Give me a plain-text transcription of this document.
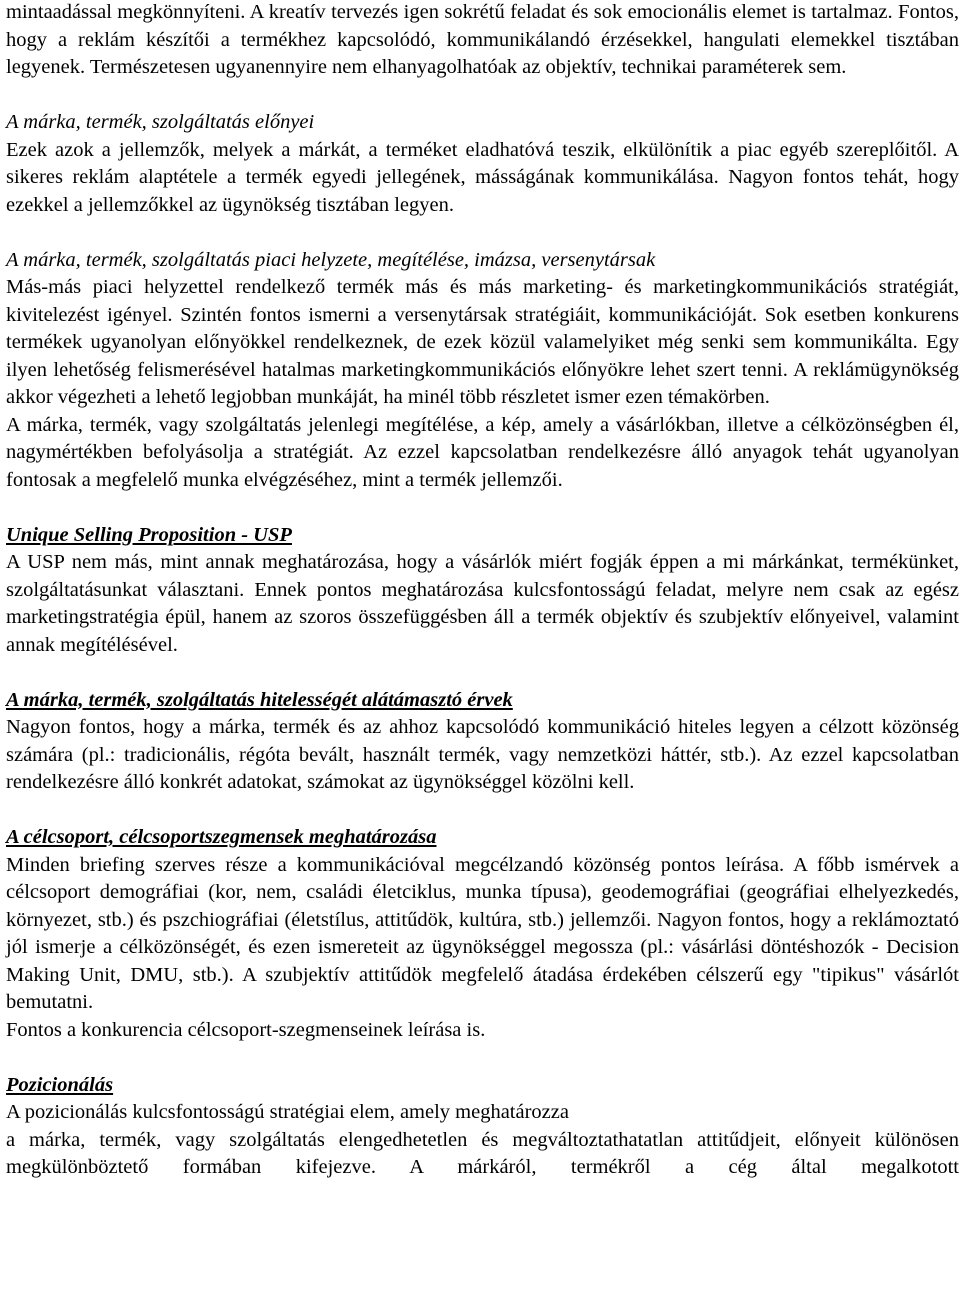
mintaadással megkönnyíteni. A kreatív tervezés igen sokrétű feladat és sok emocionális elemet is tartalmaz. Fontos, hogy a reklám készítői a termékhez kapcsolódó, kommunikálandó érzésekkel, hangulati elemekkel tisztában legyenek. Természetesen ugyanennyire nem elhanyagolhatóak az objektív, technikai paraméterek sem.

A márka, termék, szolgáltatás előnyei

Ezek azok a jellemzők, melyek a márkát, a terméket eladhatóvá teszik, elkülönítik a piac egyéb szereplőitől. A sikeres reklám alaptétele a termék egyedi jellegének, másságának kommunikálása. Nagyon fontos tehát, hogy ezekkel a jellemzőkkel az ügynökség tisztában legyen.

A márka, termék, szolgáltatás piaci helyzete, megítélése, imázsa, versenytársak

Más-más piaci helyzettel rendelkező termék más és más marketing- és marketingkommunikációs stratégiát, kivitelezést igényel. Szintén fontos ismerni a versenytársak stratégiáit, kommunikációját. Sok esetben konkurens termékek ugyanolyan előnyökkel rendelkeznek, de ezek közül valamelyiket még senki sem kommunikálta. Egy ilyen lehetőség felismerésével hatalmas marketingkommunikációs előnyökre lehet szert tenni. A reklámügynökség akkor végezheti a lehető legjobban munkáját, ha minél több részletet ismer ezen témakörben.

A márka, termék, vagy szolgáltatás jelenlegi megítélése, a kép, amely a vásárlókban, illetve a célközönségben él, nagymértékben befolyásolja a stratégiát. Az ezzel kapcsolatban rendelkezésre álló anyagok tehát ugyanolyan fontosak a megfelelő munka elvégzéséhez, mint a termék jellemzői.

Unique Selling Proposition - USP

A USP nem más, mint annak meghatározása, hogy a vásárlók miért fogják éppen a mi márkánkat, termékünket, szolgáltatásunkat választani. Ennek pontos meghatározása kulcsfontosságú feladat, melyre nem csak az egész marketingstratégia épül, hanem az szoros összefüggésben áll a termék objektív és szubjektív előnyeivel, valamint annak megítélésével.

A márka, termék, szolgáltatás hitelességét alátámasztó érvek

Nagyon fontos, hogy a márka, termék és az ahhoz kapcsolódó kommunikáció hiteles legyen a célzott közönség számára (pl.: tradicionális, régóta bevált, használt termék, vagy nemzetközi háttér, stb.). Az ezzel kapcsolatban rendelkezésre álló konkrét adatokat, számokat az ügynökséggel közölni kell.

A célcsoport, célcsoportszegmensek meghatározása

Minden briefing szerves része a kommunikációval megcélzandó közönség pontos leírása. A főbb ismérvek a célcsoport demográfiai (kor, nem, családi életciklus, munka típusa), geodemográfiai (geográfiai elhelyezkedés, környezet, stb.) és pszchiográfiai (életstílus, attitűdök, kultúra, stb.) jellemzői. Nagyon fontos, hogy a reklámoztató jól ismerje a célközönségét, és ezen ismereteit az ügynökséggel megossza (pl.: vásárlási döntéshozók - Decision Making Unit, DMU, stb.). A szubjektív attitűdök megfelelő átadása érdekében célszerű egy "tipikus" vásárlót bemutatni.

Fontos a konkurencia célcsoport-szegmenseinek leírása is.

Pozicionálás

A pozicionálás kulcsfontosságú stratégiai elem, amely meghatározza

a márka, termék, vagy szolgáltatás elengedhetetlen és megváltoztathatatlan attitűdjeit, előnyeit különösen megkülönböztető formában kifejezve. A márkáról, termékről a cég által megalkotott
